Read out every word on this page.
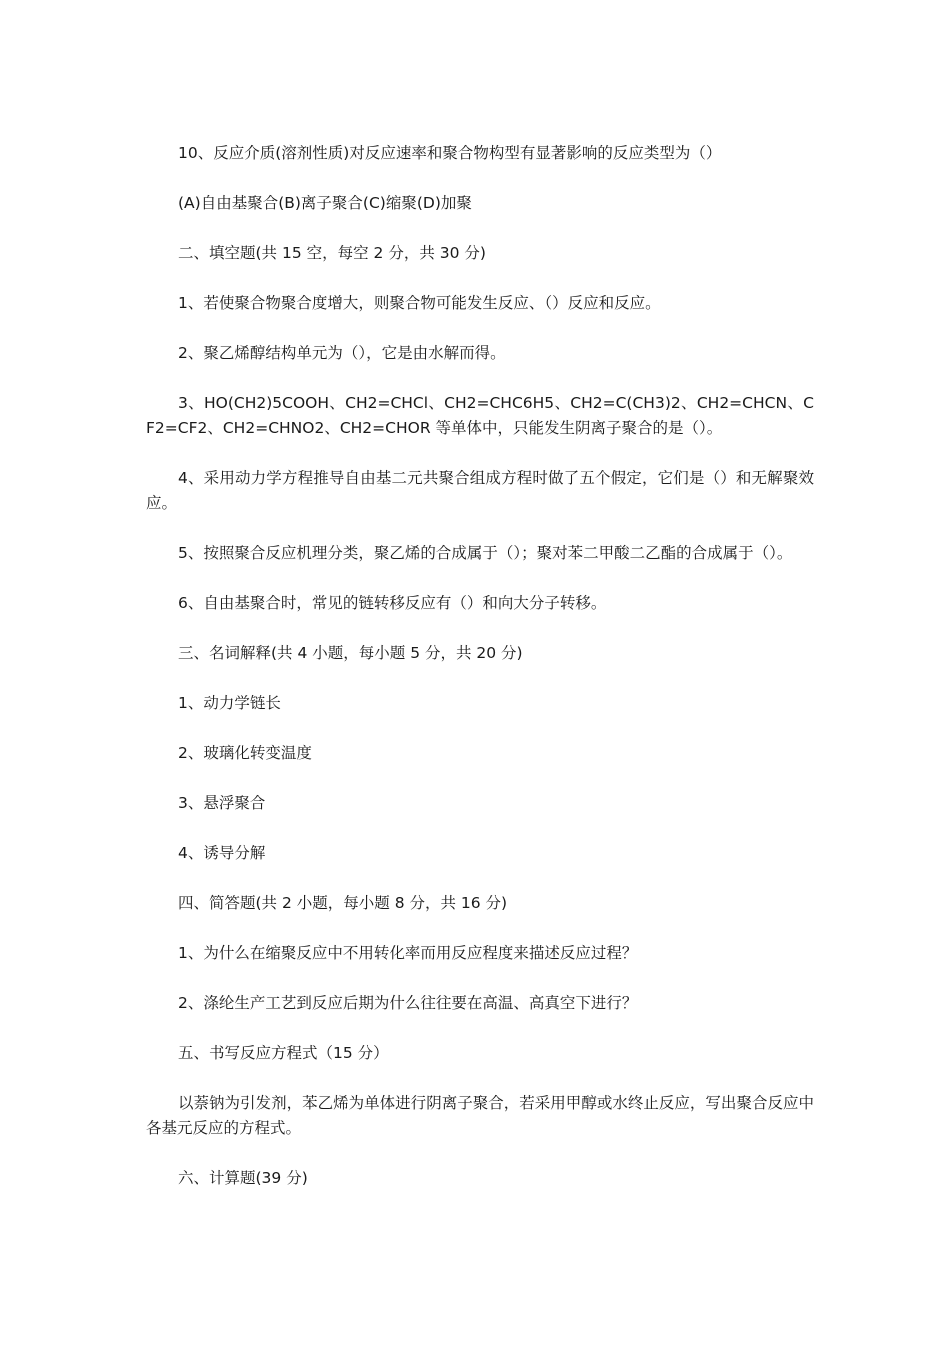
10、反应介质(溶剂性质)对反应速率和聚合物构型有显著影响的反应类型为（）

(A)自由基聚合(B)离子聚合(C)缩聚(D)加聚

二、填空题(共 15 空，每空 2 分，共 30 分)

1、若使聚合物聚合度增大，则聚合物可能发生反应、（）反应和反应。

2、聚乙烯醇结构单元为（），它是由水解而得。

3、HO(CH2)5COOH、CH2=CHCl、CH2=CHC6H5、CH2=C(CH3)2、CH2=CHCN、CF2=CF2、CH2=CHNO2、CH2=CHOR 等单体中，只能发生阴离子聚合的是（）。

4、采用动力学方程推导自由基二元共聚合组成方程时做了五个假定，它们是（）和无解聚效应。

5、按照聚合反应机理分类，聚乙烯的合成属于（）；聚对苯二甲酸二乙酯的合成属于（）。

6、自由基聚合时，常见的链转移反应有（）和向大分子转移。

三、名词解释(共 4 小题，每小题 5 分，共 20 分)

1、动力学链长

2、玻璃化转变温度

3、悬浮聚合

4、诱导分解

四、简答题(共 2 小题，每小题 8 分，共 16 分)

1、为什么在缩聚反应中不用转化率而用反应程度来描述反应过程？

2、涤纶生产工艺到反应后期为什么往往要在高温、高真空下进行？

五、书写反应方程式（15 分）

以萘钠为引发剂，苯乙烯为单体进行阴离子聚合，若采用甲醇或水终止反应，写出聚合反应中各基元反应的方程式。

六、计算题(39 分)
